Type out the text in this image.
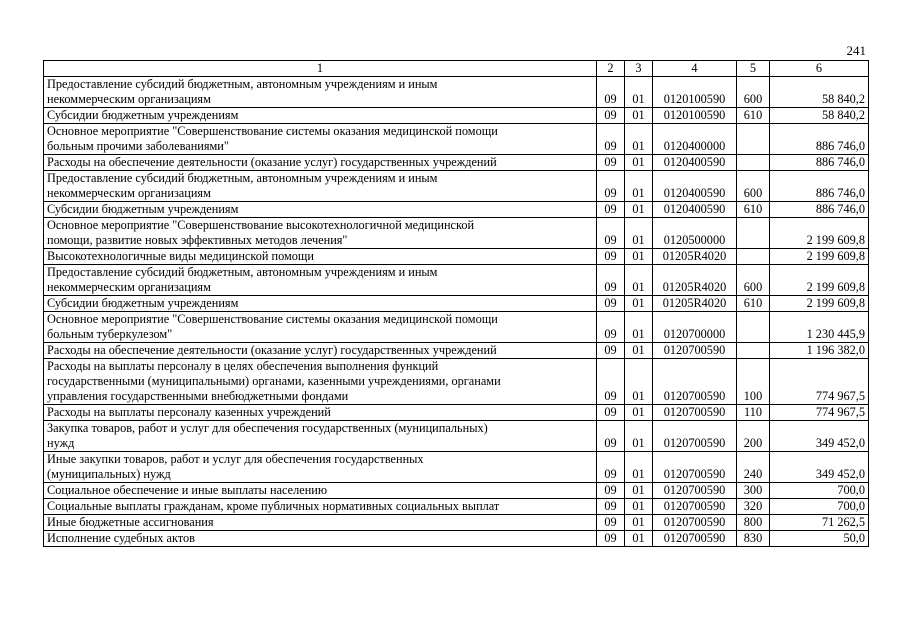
241
1	2	3	4	5	6

Предоставление субсидий бюджетным, автономным учреждениям и иным
некоммерческим организациям	09	01	0120100590	600	58 840,2

Субсидии бюджетным учреждениям	09	01	0120100590	610	58 840,2

Основное мероприятие "Совершенствование системы оказания медицинской помощи
больным прочими заболеваниями"	09	01	0120400000		886 746,0

Расходы на обеспечение деятельности (оказание услуг) государственных учреждений	09	01	0120400590		886 746,0

Предоставление субсидий бюджетным, автономным учреждениям и иным
некоммерческим организациям	09	01	0120400590	600	886 746,0

Субсидии бюджетным учреждениям	09	01	0120400590	610	886 746,0

Основное мероприятие "Совершенствование высокотехнологичной медицинской
помощи, развитие новых эффективных методов лечения"	09	01	0120500000		2 199 609,8

Высокотехнологичные виды медицинской помощи	09	01	01205R4020		2 199 609,8

Предоставление субсидий бюджетным, автономным учреждениям и иным
некоммерческим организациям	09	01	01205R4020	600	2 199 609,8

Субсидии бюджетным учреждениям	09	01	01205R4020	610	2 199 609,8

Основное мероприятие "Совершенствование системы оказания медицинской помощи
больным туберкулезом"	09	01	0120700000		1 230 445,9

Расходы на обеспечение деятельности (оказание услуг) государственных учреждений	09	01	0120700590		1 196 382,0

Расходы на выплаты персоналу в целях обеспечения выполнения функций
государственными (муниципальными) органами, казенными учреждениями, органами
управления государственными внебюджетными фондами	09	01	0120700590	100	774 967,5

Расходы на выплаты персоналу казенных учреждений	09	01	0120700590	110	774 967,5

Закупка товаров, работ и услуг для обеспечения государственных (муниципальных)
нужд	09	01	0120700590	200	349 452,0

Иные закупки товаров, работ и услуг для обеспечения государственных
(муниципальных) нужд	09	01	0120700590	240	349 452,0

Социальное обеспечение и иные выплаты населению	09	01	0120700590	300	700,0

Социальные выплаты гражданам, кроме публичных нормативных социальных выплат	09	01	0120700590	320	700,0

Иные бюджетные ассигнования	09	01	0120700590	800	71 262,5

Исполнение судебных актов	09	01	0120700590	830	50,0
